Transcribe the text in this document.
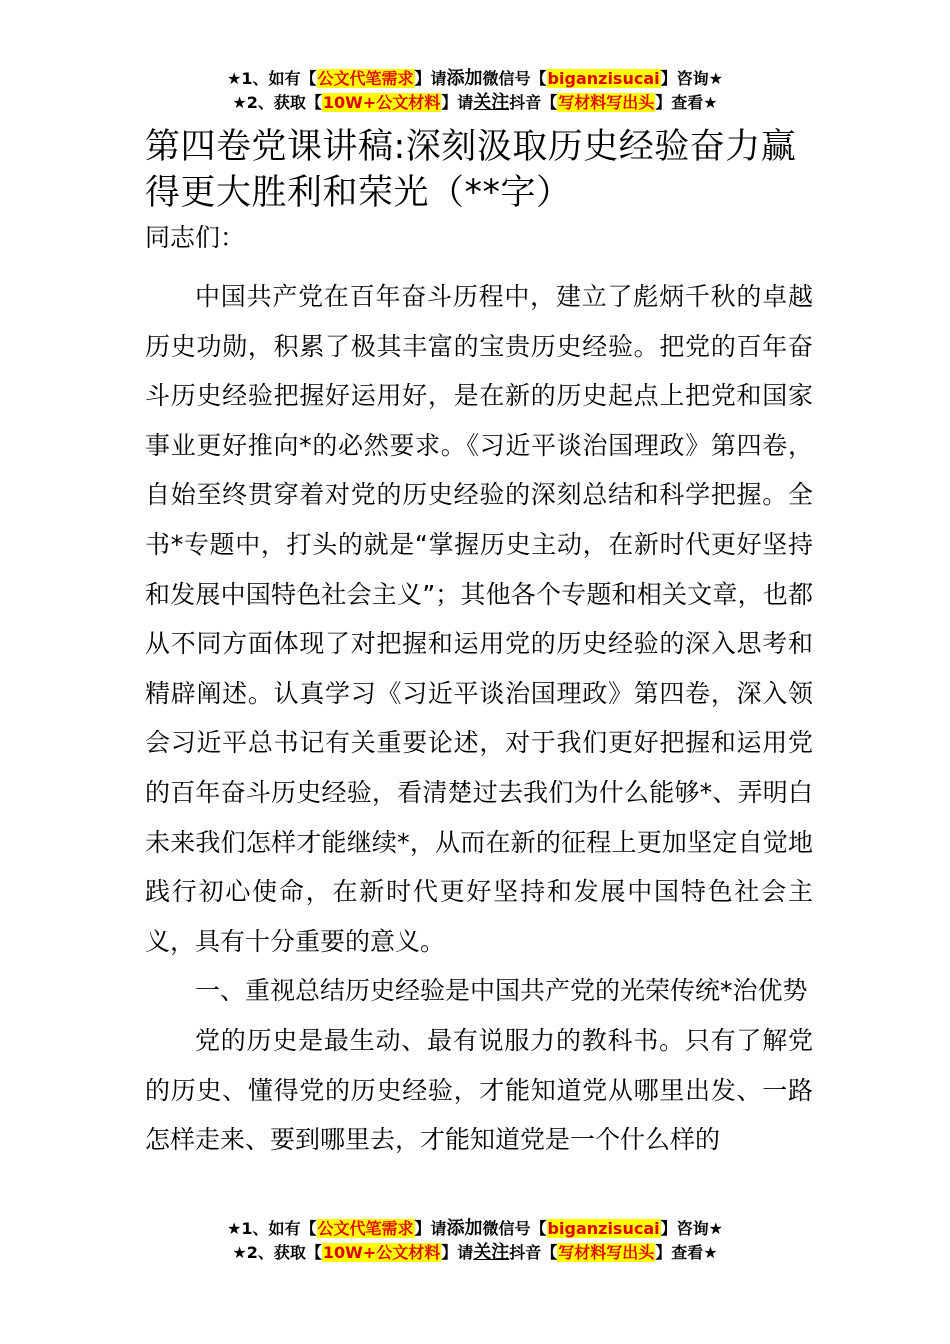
★1、如有【公文代笔需求】请添加微信号【biganzisucai】咨询★
★2、获取【10W+公文材料】请关注抖音【写材料写出头】查看★
第四卷党课讲稿:深刻汲取历史经验奋力赢得更大胜利和荣光（**字）

同志们：

中国共产党在百年奋斗历程中，建立了彪炳千秋的卓越历史功勋，积累了极其丰富的宝贵历史经验。把党的百年奋斗历史经验把握好运用好，是在新的历史起点上把党和国家事业更好推向*的必然要求。《习近平谈治国理政》第四卷，自始至终贯穿着对党的历史经验的深刻总结和科学把握。全书*专题中，打头的就是“掌握历史主动，在新时代更好坚持和发展中国特色社会主义”；其他各个专题和相关文章，也都从不同方面体现了对把握和运用党的历史经验的深入思考和精辟阐述。认真学习《习近平谈治国理政》第四卷，深入领会习近平总书记有关重要论述，对于我们更好把握和运用党的百年奋斗历史经验，看清楚过去我们为什么能够*、弄明白未来我们怎样才能继续*，从而在新的征程上更加坚定自觉地践行初心使命，在新时代更好坚持和发展中国特色社会主义，具有十分重要的意义。

一、重视总结历史经验是中国共产党的光荣传统*治优势

党的历史是最生动、最有说服力的教科书。只有了解党的历史、懂得党的历史经验，才能知道党从哪里出发、一路怎样走来、要到哪里去，才能知道党是一个什么样的

★1、如有【公文代笔需求】请添加微信号【biganzisucai】咨询★
★2、获取【10W+公文材料】请关注抖音【写材料写出头】查看★
